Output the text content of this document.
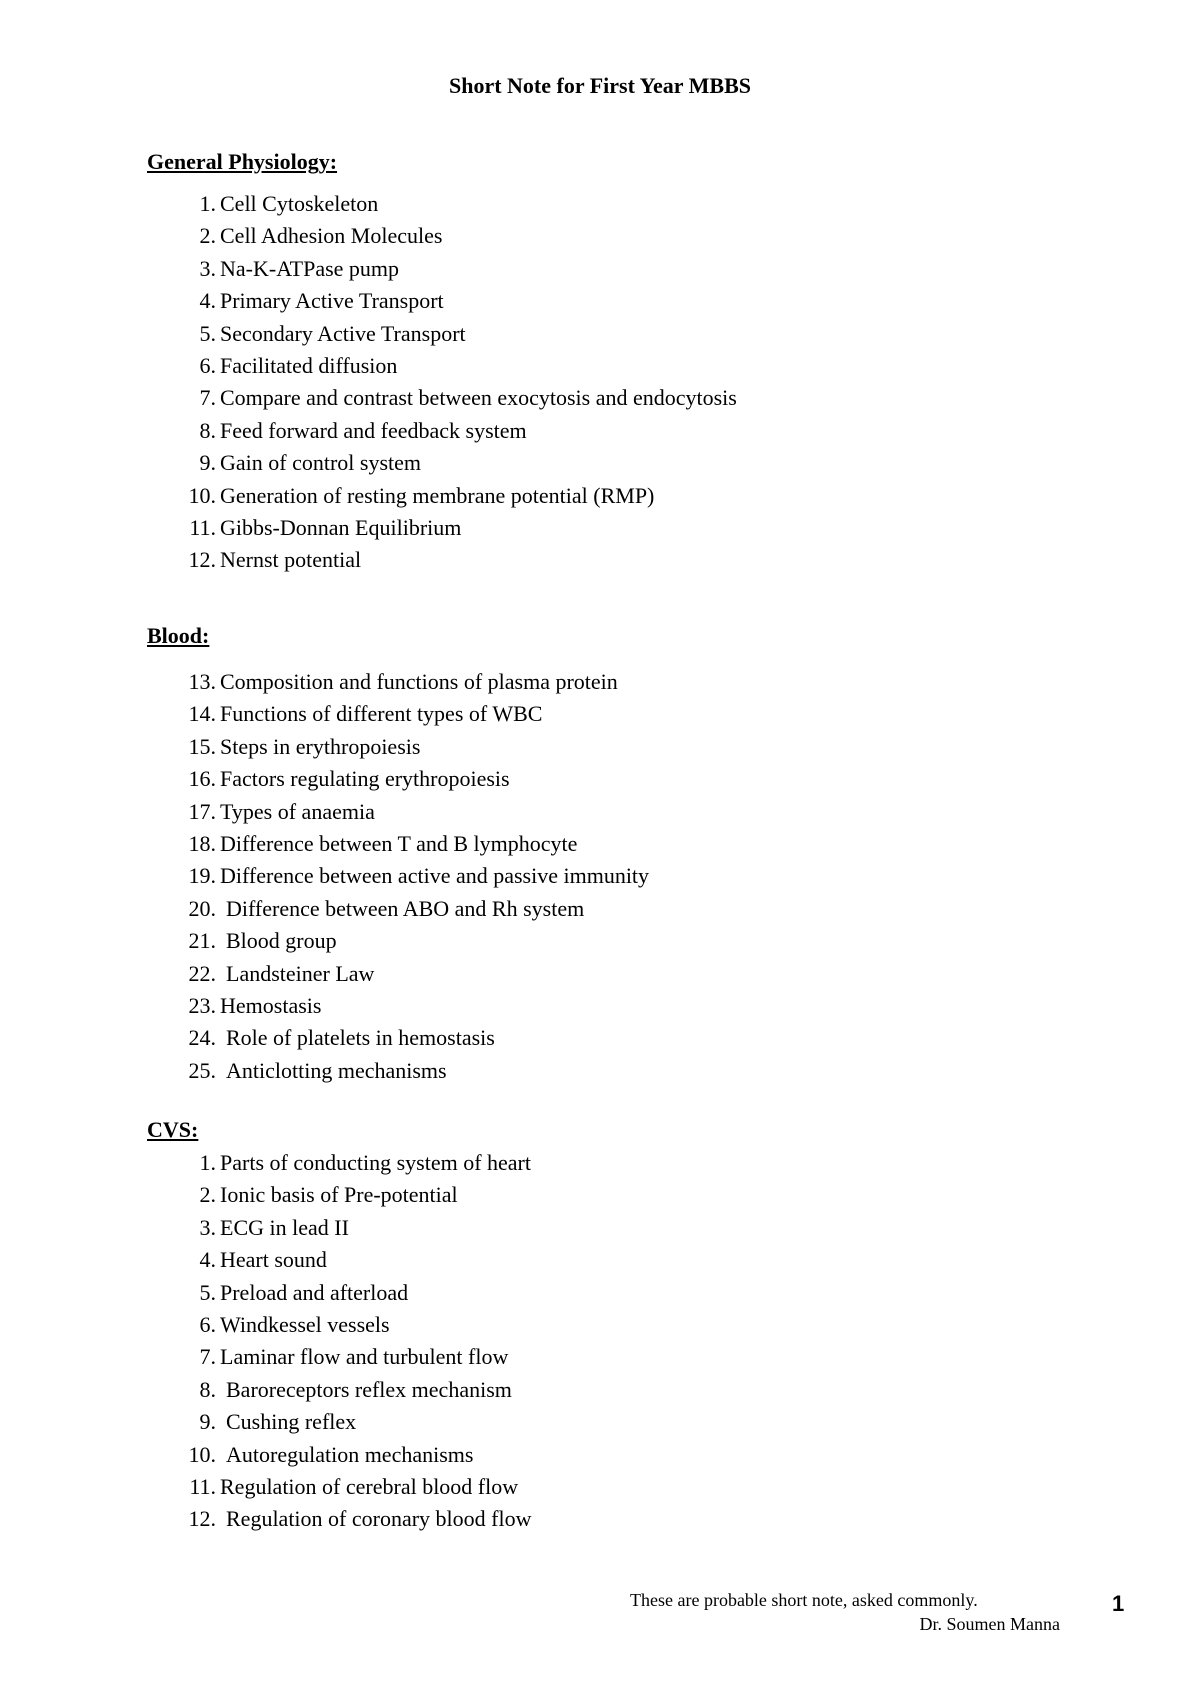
Short Note for First Year MBBS
General Physiology:
1. Cell Cytoskeleton
2. Cell Adhesion Molecules
3. Na-K-ATPase pump
4. Primary Active Transport
5. Secondary Active Transport
6. Facilitated diffusion
7. Compare and contrast between exocytosis and endocytosis
8. Feed forward and feedback system
9. Gain of control system
10. Generation of resting membrane potential (RMP)
11. Gibbs-Donnan Equilibrium
12. Nernst potential
Blood:
13. Composition and functions of plasma protein
14. Functions of different types of WBC
15. Steps in erythropoiesis
16. Factors regulating erythropoiesis
17. Types of anaemia
18. Difference between T and B lymphocyte
19. Difference between active and passive immunity
20. Difference between ABO and Rh system
21. Blood group
22. Landsteiner Law
23. Hemostasis
24. Role of platelets in hemostasis
25. Anticlotting mechanisms
CVS:
1. Parts of conducting system of heart
2. Ionic basis of Pre-potential
3. ECG in lead II
4. Heart sound
5. Preload and afterload
6. Windkessel vessels
7. Laminar flow and turbulent flow
8. Baroreceptors reflex mechanism
9. Cushing reflex
10. Autoregulation mechanisms
11. Regulation of cerebral blood flow
12. Regulation of coronary blood flow
These are probable short note, asked commonly.
Dr. Soumen Manna
1
